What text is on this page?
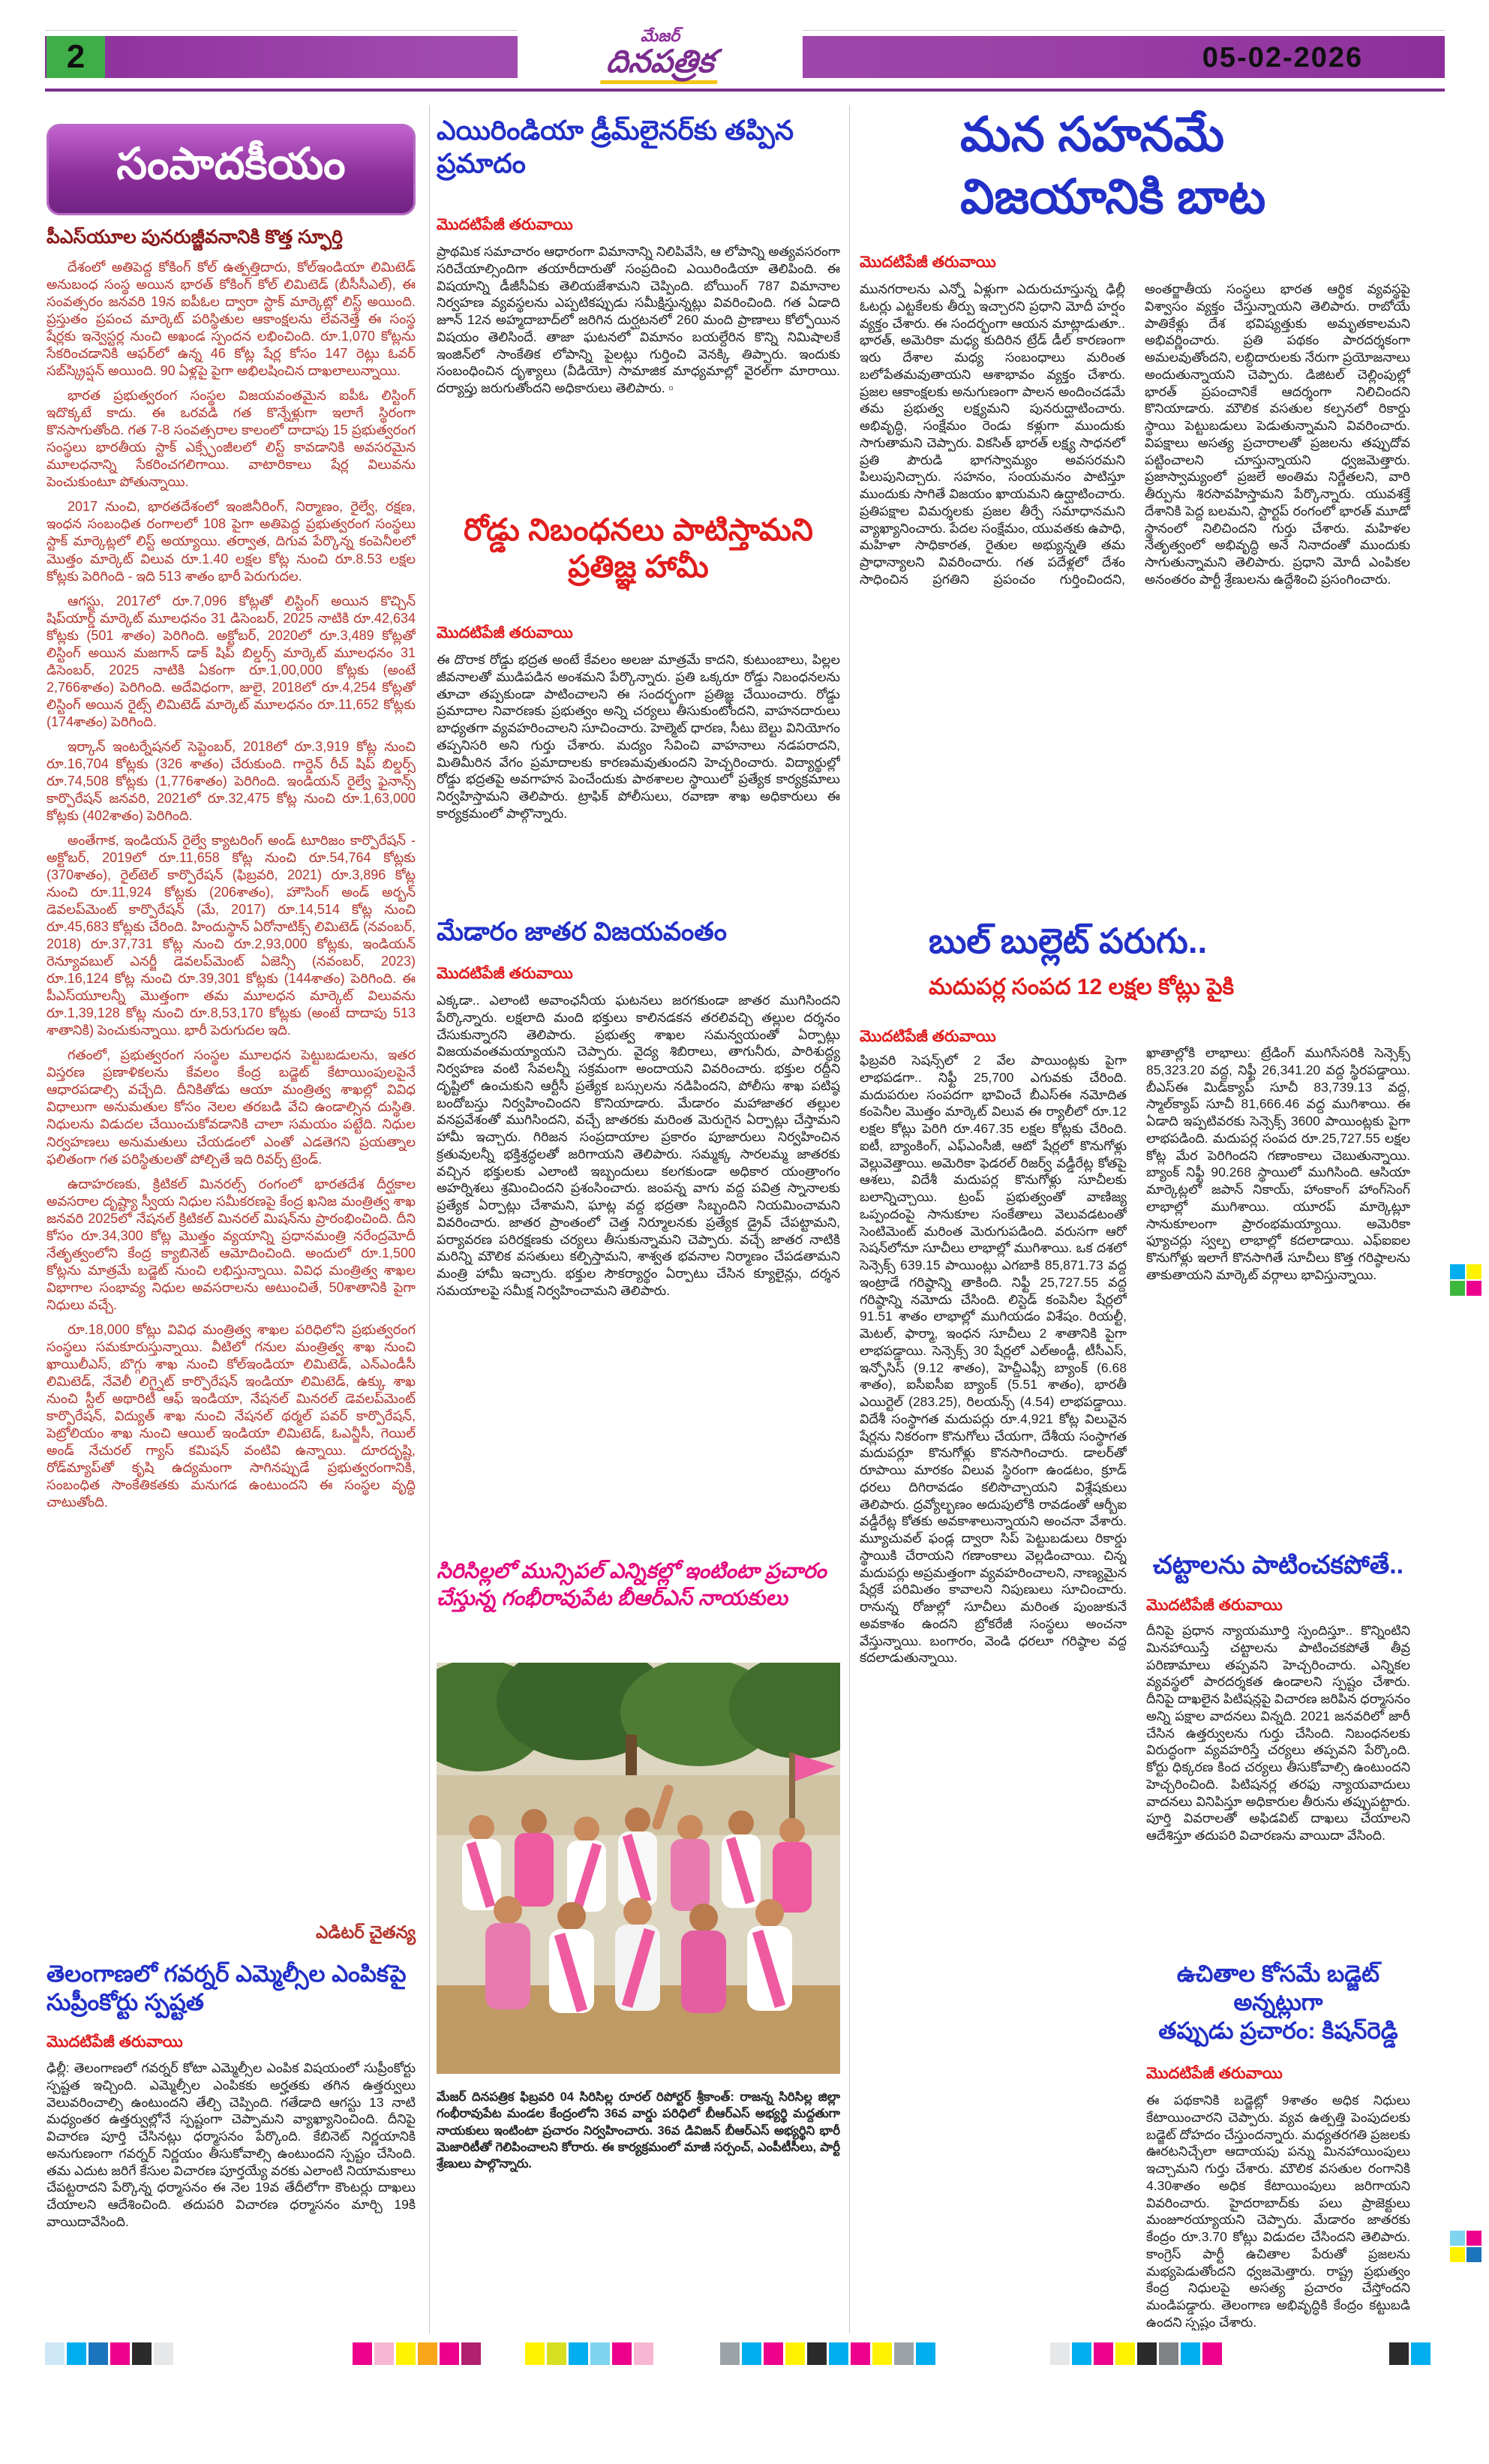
2
మేజర్
దినపత్రిక	05-02-2026
సంపాదకీయం
పీఎస్‌యూల పునరుజ్జీవనానికి కొత్త స్ఫూర్తి

దేశంలో అతిపెద్ద కోకింగ్ కోల్ ఉత్పత్తిదారు, కోల్ఇండియా లిమిటెడ్ అనుబంధ సంస్థ అయిన భారత్ కోకింగ్ కోల్ లిమిటెడ్ (బీసీసీఎల్), ఈ సంవత్సరం జనవరి 19న ఐపీఓల ద్వారా స్టాక్ మార్కెట్లో లిస్ట్ అయింది. ప్రస్తుతం ప్రపంచ మార్కెట్ పరిస్థితుల ఆకాంక్షలను లేవనెత్తే ఈ సంస్థ షేర్లకు ఇన్వెస్టర్ల నుంచి అఖండ స్పందన లభించింది. రూ.1,070 కోట్లను సేకరించడానికి ఆఫర్‌లో ఉన్న 46 కోట్ల షేర్ల కోసం 147 రెట్లు ఓవర్ సబ్‌స్క్రిప్షన్ అయింది. 90 ఏళ్లపై పైగా అభిలషించిన దాఖలాలున్నాయి.

భారత ప్రభుత్వరంగ సంస్థల విజయవంతమైన ఐపీఓ లిస్టింగ్ ఇదొక్కటే కాదు. ఈ ఒరవడి గత కొన్నేళ్లుగా ఇలాగే స్థిరంగా కొనసాగుతోంది. గత 7-8 సంవత్సరాల కాలంలో దాదాపు 15 ప్రభుత్వరంగ సంస్థలు భారతీయ స్టాక్ ఎక్స్ఛేంజీలలో లిస్ట్ కావడానికి అవసరమైన మూలధనాన్ని సేకరించగలిగాయి. వాటారికాలు షేర్ల విలువను పెంచుకుంటూ పోతున్నాయి.

2017 నుంచి, భారతదేశంలో ఇంజినీరింగ్, నిర్మాణం, రైల్వే, రక్షణ, ఇంధన సంబంధిత రంగాలలో 108 పైగా అతిపెద్ద ప్రభుత్వరంగ సంస్థలు స్టాక్ మార్కెట్లలో లిస్ట్ అయ్యాయి. తర్వాత, దిగువ పేర్కొన్న కంపెనీలలో మొత్తం మార్కెట్ విలువ రూ.1.40 లక్షల కోట్ల నుంచి రూ.8.53 లక్షల కోట్లకు పెరిగింది - ఇది 513 శాతం భారీ పెరుగుదల.

ఆగస్టు, 2017లో రూ.7,096 కోట్లతో లిస్టింగ్ అయిన కొచ్చిన్ షిప్‌యార్డ్ మార్కెట్ మూలధనం 31 డిసెంబర్, 2025 నాటికి రూ.42,634 కోట్లకు (501 శాతం) పెరిగింది. అక్టోబర్, 2020లో రూ.3,489 కోట్లతో లిస్టింగ్ అయిన మజగాన్ డాక్ షిప్ బిల్డర్స్ మార్కెట్ మూలధనం 31 డిసెంబర్, 2025 నాటికి ఏకంగా రూ.1,00,000 కోట్లకు (అంటే 2,766శాతం) పెరిగింది. అదేవిధంగా, జులై, 2018లో రూ.4,254 కోట్లతో లిస్టింగ్ అయిన రైట్స్ లిమిటెడ్ మార్కెట్ మూలధనం రూ.11,652 కోట్లకు (174శాతం) పెరిగింది.

ఇర్కాన్ ఇంటర్నేషనల్ సెప్టెంబర్, 2018లో రూ.3,919 కోట్ల నుంచి రూ.16,704 కోట్లకు (326 శాతం) చేరుకుంది. గార్డెన్ రీచ్ షిప్ బిల్డర్స్ రూ.74,508 కోట్లకు (1,776శాతం) పెరిగింది. ఇండియన్ రైల్వే ఫైనాన్స్ కార్పొరేషన్ జనవరి, 2021లో రూ.32,475 కోట్ల నుంచి రూ.1,63,000 కోట్లకు (402శాతం) పెరిగింది.

అంతేగాక, ఇండియన్ రైల్వే క్యాటరింగ్ అండ్ టూరిజం కార్పొరేషన్ - అక్టోబర్, 2019లో రూ.11,658 కోట్ల నుంచి రూ.54,764 కోట్లకు (370శాతం), రైల్‌టెల్ కార్పొరేషన్ (ఫిబ్రవరి, 2021) రూ.3,896 కోట్ల నుంచి రూ.11,924 కోట్లకు (206శాతం), హౌసింగ్ అండ్ అర్బన్ డెవలప్‌మెంట్ కార్పొరేషన్ (మే, 2017) రూ.14,514 కోట్ల నుంచి రూ.45,683 కోట్లకు చేరింది. హిందుస్థాన్ ఏరోనాటిక్స్ లిమిటెడ్ (నవంబర్, 2018) రూ.37,731 కోట్ల నుంచి రూ.2,93,000 కోట్లకు, ఇండియన్ రెన్యూవబుల్ ఎనర్జీ డెవలప్‌మెంట్ ఏజెన్సీ (నవంబర్, 2023) రూ.16,124 కోట్ల నుంచి రూ.39,301 కోట్లకు (144శాతం) పెరిగింది. ఈ పీఎస్‌యూలన్నీ మొత్తంగా తమ మూలధన మార్కెట్ విలువను రూ.1,39,128 కోట్ల నుంచి రూ.8,53,170 కోట్లకు (అంటే దాదాపు 513 శాతానికి) పెంచుకున్నాయి. భారీ పెరుగుదల ఇది.

గతంలో, ప్రభుత్వరంగ సంస్థల మూలధన పెట్టుబడులను, ఇతర విస్తరణ ప్రణాళికలను కేవలం కేంద్ర బడ్జెట్ కేటాయింపులపైనే ఆధారపడాల్సి వచ్చేది. దీనికితోడు ఆయా మంత్రిత్వ శాఖల్లో వివిధ విధాలుగా అనుమతుల కోసం నెలల తరబడి వేచి ఉండాల్సిన దుస్థితి. నిధులను విడుదల చేయించుకోవడానికి చాలా సమయం పట్టేది. నిధుల నిర్వహణలు అనుమతులు చేయడంలో ఎంతో ఎడతెగని ప్రయత్నాల ఫలితంగా గత పరిస్థితులతో పోల్చితే ఇది రివర్స్ ట్రెండ్.

ఉదాహరణకు, క్రిటికల్ మినరల్స్ రంగంలో భారతదేశ దీర్ఘకాల అవసరాల దృష్ట్యా స్వీయ నిధుల సమీకరణపై కేంద్ర ఖనిజ మంత్రిత్వ శాఖ జనవరి 2025లో నేషనల్ క్రిటికల్ మినరల్ మిషన్‌ను ప్రారంభించింది. దీని కోసం రూ.34,300 కోట్ల మొత్తం వ్యయాన్ని ప్రధానమంత్రి నరేంద్రమోదీ నేతృత్వంలోని కేంద్ర క్యాబినెట్ ఆమోదించింది. అందులో రూ.1,500 కోట్లను మాత్రమే బడ్జెట్ నుంచి లభిస్తున్నాయి. వివిధ మంత్రిత్వ శాఖల విభాగాల సంభావ్య నిధుల అవసరాలను అటుంచితే, 50శాతానికి పైగా నిధులు వచ్చే.

రూ.18,000 కోట్లు వివిధ మంత్రిత్వ శాఖల పరిధిలోని ప్రభుత్వరంగ సంస్థలు సమకూరుస్తున్నాయి. వీటిలో గనుల మంత్రిత్వ శాఖ నుంచి ఖాయిలీఎస్, బొగ్గు శాఖ నుంచి కోల్ఇండియా లిమిటెడ్, ఎన్ఎండీసీ లిమిటెడ్, నేవెలీ లిగ్నైట్ కార్పొరేషన్ ఇండియా లిమిటెడ్, ఉక్కు శాఖ నుంచి స్టీల్ అథారిటీ ఆఫ్ ఇండియా, నేషనల్ మినరల్ డెవలప్‌మెంట్ కార్పొరేషన్, విద్యుత్ శాఖ నుంచి నేషనల్ థర్మల్ పవర్ కార్పొరేషన్, పెట్రోలియం శాఖ నుంచి ఆయిల్ ఇండియా లిమిటెడ్, ఓఎన్జీసీ, గెయిల్ అండ్ నేచురల్ గ్యాస్ కమిషన్ వంటివి ఉన్నాయి. దూరదృష్టి, రోడ్‌మ్యాప్‌తో కృషి ఉద్యమంగా సాగినప్పుడే ప్రభుత్వరంగానికి, సంబంధిత సాంకేతికతకు మనుగడ ఉంటుందని ఈ సంస్థల వృద్ధి చాటుతోంది.

ఎడిటర్ చైతన్య
తెలంగాణలో గవర్నర్ ఎమ్మెల్సీల ఎంపికపై సుప్రీంకోర్టు స్పష్టత
మొదటిపేజీ తరువాయి
ఢిల్లీ: తెలంగాణలో గవర్నర్ కోటా ఎమ్మెల్సీల ఎంపిక విషయంలో సుప్రీంకోర్టు స్పష్టత ఇచ్చింది. ఎమ్మెల్సీల ఎంపికకు అర్హతకు తగిన ఉత్తర్వులు వెలువరించాల్సి ఉంటుందని తేల్చి చెప్పింది. గతేడాది ఆగస్టు 13 నాటి మధ్యంతర ఉత్తర్వుల్లోనే స్పష్టంగా చెప్పామని వ్యాఖ్యానించింది. దీనిపై విచారణ పూర్తి చేసినట్లు ధర్మాసనం పేర్కొంది. కేబినెట్ నిర్ణయానికి అనుగుణంగా గవర్నర్ నిర్ణయం తీసుకోవాల్సి ఉంటుందని స్పష్టం చేసింది. తమ ఎదుట జరిగే కేసుల విచారణ పూర్తయ్యే వరకు ఎలాంటి నియామకాలు చేపట్టరాదని పేర్కొన్న ధర్మాసనం ఈ నెల 19వ తేదీలోగా కౌంటర్లు దాఖలు చేయాలని ఆదేశించింది. తదుపరి విచారణ ధర్మాసనం మార్చి 19కి వాయిదావేసింది.
ఎయిరిండియా డ్రీమ్‌లైనర్‌కు తప్పిన ప్రమాదం
మొదటిపేజీ తరువాయి
ప్రాథమిక సమాచారం ఆధారంగా విమానాన్ని నిలిపివేసి, ఆ లోపాన్ని అత్యవసరంగా సరిచేయాల్సిందిగా తయారీదారుతో సంప్రదించి ఎయిరిండియా తెలిపింది. ఈ విషయాన్ని డీజీసీఏకు తెలియజేశామని చెప్పింది. బోయింగ్ 787 విమానాల నిర్వహణ వ్యవస్థలను ఎప్పటికప్పుడు సమీక్షిస్తున్నట్లు వివరించింది. గత ఏడాది జూన్ 12న అహ్మదాబాద్‌లో జరిగిన దుర్ఘటనలో 260 మంది ప్రాణాలు కోల్పోయిన విషయం తెలిసిందే. తాజా ఘటనలో విమానం బయల్దేరిన కొన్ని నిమిషాలకే ఇంజిన్‌లో సాంకేతిక లోపాన్ని పైలట్లు గుర్తించి వెనక్కి తిప్పారు. ఇందుకు సంబంధించిన దృశ్యాలు (వీడియో) సామాజిక మాధ్యమాల్లో వైరల్‌గా మారాయి. దర్యాప్తు జరుగుతోందని అధికారులు తెలిపారు. ▫
రోడ్డు నిబంధనలు పాటిస్తామని ప్రతిజ్ఞ హామీ
మొదటిపేజీ తరువాయి
ఈ దొరాక రోడ్డు భద్రత అంటే కేవలం అలజు మాత్రమే కాదని, కుటుంబాలు, పిల్లల జీవనాలతో ముడిపడిన అంశమని పేర్కొన్నారు. ప్రతి ఒక్కరూ రోడ్డు నిబంధనలను తూచా తప్పకుండా పాటించాలని ఈ సందర్భంగా ప్రతిజ్ఞ చేయించారు. రోడ్డు ప్రమాదాల నివారణకు ప్రభుత్వం అన్ని చర్యలు తీసుకుంటోందని, వాహనదారులు బాధ్యతగా వ్యవహరించాలని సూచించారు. హెల్మెట్ ధారణ, సీటు బెల్టు వినియోగం తప్పనిసరి అని గుర్తు చేశారు. మద్యం సేవించి వాహనాలు నడపరాదని, మితిమీరిన వేగం ప్రమాదాలకు కారణమవుతుందని హెచ్చరించారు. విద్యార్థుల్లో రోడ్డు భద్రతపై అవగాహన పెంచేందుకు పాఠశాలల స్థాయిలో ప్రత్యేక కార్యక్రమాలు నిర్వహిస్తామని తెలిపారు. ట్రాఫిక్ పోలీసులు, రవాణా శాఖ అధికారులు ఈ కార్యక్రమంలో పాల్గొన్నారు.
మేడారం జాతర విజయవంతం
మొదటిపేజీ తరువాయి
ఎక్కడా.. ఎలాంటి అవాంఛనీయ ఘటనలు జరగకుండా జాతర ముగిసిందని పేర్కొన్నారు. లక్షలాది మంది భక్తులు కాలినడకన తరలివచ్చి తల్లుల దర్శనం చేసుకున్నారని తెలిపారు. ప్రభుత్వ శాఖల సమన్వయంతో ఏర్పాట్లు విజయవంతమయ్యాయని చెప్పారు. వైద్య శిబిరాలు, తాగునీరు, పారిశుద్ధ్య నిర్వహణ వంటి సేవలన్నీ సక్రమంగా అందాయని వివరించారు. భక్తుల రద్దీని దృష్టిలో ఉంచుకుని ఆర్టీసీ ప్రత్యేక బస్సులను నడిపిందని, పోలీసు శాఖ పటిష్ఠ బందోబస్తు నిర్వహించిందని కొనియాడారు. మేడారం మహాజాతర తల్లుల వనప్రవేశంతో ముగిసిందని, వచ్చే జాతరకు మరింత మెరుగైన ఏర్పాట్లు చేస్తామని హామీ ఇచ్చారు. గిరిజన సంప్రదాయాల ప్రకారం పూజారులు నిర్వహించిన క్రతువులన్నీ భక్తిశ్రద్ధలతో జరిగాయని తెలిపారు. సమ్మక్క సారలమ్మ జాతరకు వచ్చిన భక్తులకు ఎలాంటి ఇబ్బందులు కలగకుండా అధికార యంత్రాంగం అహర్నిశలు శ్రమించిందని ప్రశంసించారు. జంపన్న వాగు వద్ద పవిత్ర స్నానాలకు ప్రత్యేక ఏర్పాట్లు చేశామని, ఘాట్ల వద్ద భద్రతా సిబ్బందిని నియమించామని వివరించారు. జాతర ప్రాంతంలో చెత్త నిర్మూలనకు ప్రత్యేక డ్రైవ్ చేపట్టామని, పర్యావరణ పరిరక్షణకు చర్యలు తీసుకున్నామని చెప్పారు. వచ్చే జాతర నాటికి మరిన్ని మౌలిక వసతులు కల్పిస్తామని, శాశ్వత భవనాల నిర్మాణం చేపడతామని మంత్రి హామీ ఇచ్చారు. భక్తుల సౌకర్యార్థం ఏర్పాటు చేసిన క్యూలైన్లు, దర్శన సమయాలపై సమీక్ష నిర్వహించామని తెలిపారు.
సిరిసిల్లలో మున్సిపల్ ఎన్నికల్లో ఇంటింటా ప్రచారం చేస్తున్న గంభీరావుపేట బీఆర్ఎస్ నాయకులు
మేజర్ దినపత్రిక ఫిబ్రవరి 04 సిరిసిల్ల రూరల్ రిపోర్టర్ శ్రీకాంత్: రాజన్న సిరిసిల్ల జిల్లా గంభీరావుపేట మండల కేంద్రంలోని 36వ వార్డు పరిధిలో బీఆర్ఎస్ అభ్యర్థి మద్దతుగా నాయకులు ఇంటింటా ప్రచారం నిర్వహించారు. 36వ డివిజన్ బీఆర్ఎస్ అభ్యర్థిని భారీ మెజారిటీతో గెలిపించాలని కోరారు. ఈ కార్యక్రమంలో మాజీ సర్పంచ్, ఎంపీటీసీలు, పార్టీ శ్రేణులు పాల్గొన్నారు.
మన సహనమే
విజయానికి బాట
మొదటిపేజీ తరువాయి
మునగరాలను ఎన్నో ఏళ్లుగా ఎదురుచూస్తున్న ఢిల్లీ ఓటర్లు ఎట్టకేలకు తీర్పు ఇచ్చారని ప్రధాని మోదీ హర్షం వ్యక్తం చేశారు. ఈ సందర్భంగా ఆయన మాట్లాడుతూ.. భారత్, అమెరికా మధ్య కుదిరిన ట్రేడ్ డీల్ కారణంగా ఇరు దేశాల మధ్య సంబంధాలు మరింత బలోపేతమవుతాయని ఆశాభావం వ్యక్తం చేశారు. ప్రజల ఆకాంక్షలకు అనుగుణంగా పాలన అందించడమే తమ ప్రభుత్వ లక్ష్యమని పునరుద్ఘాటించారు. అభివృద్ధి, సంక్షేమం రెండు కళ్లుగా ముందుకు సాగుతామని చెప్పారు. వికసిత్ భారత్ లక్ష్య సాధనలో ప్రతి పౌరుడి భాగస్వామ్యం అవసరమని పిలుపునిచ్చారు. సహనం, సంయమనం పాటిస్తూ ముందుకు సాగితే విజయం ఖాయమని ఉద్ఘాటించారు. ప్రతిపక్షాల విమర్శలకు ప్రజల తీర్పే సమాధానమని వ్యాఖ్యానించారు. పేదల సంక్షేమం, యువతకు ఉపాధి, మహిళా సాధికారత, రైతుల అభ్యున్నతి తమ ప్రాధాన్యాలని వివరించారు. గత పదేళ్లలో దేశం సాధించిన ప్రగతిని ప్రపంచం గుర్తించిందని, అంతర్జాతీయ సంస్థలు భారత ఆర్థిక వ్యవస్థపై విశ్వాసం వ్యక్తం చేస్తున్నాయని తెలిపారు. రాబోయే పాతికేళ్లు దేశ భవిష్యత్తుకు అమృతకాలమని అభివర్ణించారు. ప్రతి పథకం పారదర్శకంగా అమలవుతోందని, లబ్ధిదారులకు నేరుగా ప్రయోజనాలు అందుతున్నాయని చెప్పారు. డిజిటల్ చెల్లింపుల్లో భారత్ ప్రపంచానికే ఆదర్శంగా నిలిచిందని కొనియాడారు. మౌలిక వసతుల కల్పనలో రికార్డు స్థాయి పెట్టుబడులు పెడుతున్నామని వివరించారు. విపక్షాలు అసత్య ప్రచారాలతో ప్రజలను తప్పుదోవ పట్టించాలని చూస్తున్నాయని ధ్వజమెత్తారు. ప్రజాస్వామ్యంలో ప్రజలే అంతిమ నిర్ణేతలని, వారి తీర్పును శిరసావహిస్తామని పేర్కొన్నారు. యువశక్తే దేశానికి పెద్ద బలమని, స్టార్టప్ రంగంలో భారత్ మూడో స్థానంలో నిలిచిందని గుర్తు చేశారు. మహిళల నేతృత్వంలో అభివృద్ధి అనే నినాదంతో ముందుకు సాగుతున్నామని తెలిపారు. ప్రధాని మోదీ ఎంపికల అనంతరం పార్టీ శ్రేణులను ఉద్దేశించి ప్రసంగించారు.
బుల్ బుల్లెట్ పరుగు..
మదుపర్ల సంపద 12 లక్షల కోట్లు పైకి
మొదటిపేజీ తరువాయి
ఫిబ్రవరి సెషన్స్‌లో 2 వేల పాయింట్లకు పైగా లాభపడగా.. నిఫ్టీ 25,700 ఎగువకు చేరింది. మదుపరుల సంపదగా భావించే బీఎస్ఈ నమోదిత కంపెనీల మొత్తం మార్కెట్ విలువ ఈ ర్యాలీలో రూ.12 లక్షల కోట్లు పెరిగి రూ.467.35 లక్షల కోట్లకు చేరింది. ఐటీ, బ్యాంకింగ్, ఎఫ్ఎంసీజీ, ఆటో షేర్లలో కొనుగోళ్లు వెల్లువెత్తాయి. అమెరికా ఫెడరల్ రిజర్వ్ వడ్డీరేట్ల కోతపై ఆశలు, విదేశీ మదుపర్ల కొనుగోళ్లు సూచీలకు బలాన్నిచ్చాయి. ట్రంప్ ప్రభుత్వంతో వాణిజ్య ఒప్పందంపై సానుకూల సంకేతాలు వెలువడటంతో సెంటిమెంట్ మరింత మెరుగుపడింది. వరుసగా ఆరో సెషన్‌లోనూ సూచీలు లాభాల్లో ముగిశాయి. ఒక దశలో సెన్సెక్స్ 639.15 పాయింట్లు ఎగబాకి 85,871.73 వద్ద ఇంట్రాడే గరిష్ఠాన్ని తాకింది. నిఫ్టీ 25,727.55 వద్ద గరిష్ఠాన్ని నమోదు చేసింది. లిస్టెడ్ కంపెనీల షేర్లలో 91.51 శాతం లాభాల్లో ముగియడం విశేషం. రియల్టీ, మెటల్, ఫార్మా, ఇంధన సూచీలు 2 శాతానికి పైగా లాభపడ్డాయి. సెన్సెక్స్ 30 షేర్లలో ఎల్అండ్టీ, టీసీఎస్, ఇన్ఫోసిస్ (9.12 శాతం), హెచ్డీఎఫ్సీ బ్యాంక్ (6.68 శాతం), ఐసీఐసీఐ బ్యాంక్ (5.51 శాతం), భారతీ ఎయిర్టెల్ (283.25), రిలయన్స్ (4.54) లాభపడ్డాయి. విదేశీ సంస్థాగత మదుపర్లు రూ.4,921 కోట్ల విలువైన షేర్లను నికరంగా కొనుగోలు చేయగా, దేశీయ సంస్థాగత మదుపర్లూ కొనుగోళ్లు కొనసాగించారు. డాలర్‌తో రూపాయి మారకం విలువ స్థిరంగా ఉండటం, క్రూడ్ ధరలు దిగిరావడం కలిసొచ్చాయని విశ్లేషకులు తెలిపారు. ద్రవ్యోల్బణం అదుపులోకి రావడంతో ఆర్బీఐ వడ్డీరేట్ల కోతకు అవకాశాలున్నాయని అంచనా వేశారు. మ్యూచువల్ ఫండ్ల ద్వారా సిప్ పెట్టుబడులు రికార్డు స్థాయికి చేరాయని గణాంకాలు వెల్లడించాయి. చిన్న మదుపర్లు అప్రమత్తంగా వ్యవహరించాలని, నాణ్యమైన షేర్లకే పరిమితం కావాలని నిపుణులు సూచించారు. రానున్న రోజుల్లో సూచీలు మరింత పుంజుకునే అవకాశం ఉందని బ్రోకరేజీ సంస్థలు అంచనా వేస్తున్నాయి. బంగారం, వెండి ధరలూ గరిష్ఠాల వద్ద కదలాడుతున్నాయి.
ఖాతాల్లోకి లాభాలు: ట్రేడింగ్ ముగిసేసరికి సెన్సెక్స్ 85,323.20 వద్ద, నిఫ్టీ 26,341.20 వద్ద స్థిరపడ్డాయి. బీఎస్ఈ మిడ్‌క్యాప్ సూచీ 83,739.13 వద్ద, స్మాల్‌క్యాప్ సూచీ 81,666.46 వద్ద ముగిశాయి. ఈ ఏడాది ఇప్పటివరకు సెన్సెక్స్ 3600 పాయింట్లకు పైగా లాభపడింది. మదుపర్ల సంపద రూ.25,727.55 లక్షల కోట్ల మేర పెరిగిందని గణాంకాలు చెబుతున్నాయి. బ్యాంక్ నిఫ్టీ 90.268 స్థాయిలో ముగిసింది. ఆసియా మార్కెట్లలో జపాన్ నికాయ్, హాంకాంగ్ హాంగ్‌సెంగ్ లాభాల్లో ముగిశాయి. యూరప్ మార్కెట్లూ సానుకూలంగా ప్రారంభమయ్యాయి. అమెరికా ఫ్యూచర్లు స్వల్ప లాభాల్లో కదలాడాయి. ఎఫ్ఐఐల కొనుగోళ్లు ఇలాగే కొనసాగితే సూచీలు కొత్త గరిష్ఠాలను తాకుతాయని మార్కెట్ వర్గాలు భావిస్తున్నాయి.
చట్టాలను పాటించకపోతే..
మొదటిపేజీ తరువాయి
దీనిపై ప్రధాన న్యాయమూర్తి స్పందిస్తూ.. కొన్నింటిని మినహాయిస్తే చట్టాలను పాటించకపోతే తీవ్ర పరిణామాలు తప్పవని హెచ్చరించారు. ఎన్నికల వ్యవస్థలో పారదర్శకత ఉండాలని స్పష్టం చేశారు. దీనిపై దాఖలైన పిటిషన్లపై విచారణ జరిపిన ధర్మాసనం అన్ని పక్షాల వాదనలు విన్నది. 2021 జనవరిలో జారీ చేసిన ఉత్తర్వులను గుర్తు చేసింది. నిబంధనలకు విరుద్ధంగా వ్యవహరిస్తే చర్యలు తప్పవని పేర్కొంది. కోర్టు ధిక్కరణ కింద చర్యలు తీసుకోవాల్సి ఉంటుందని హెచ్చరించింది. పిటిషనర్ల తరఫు న్యాయవాదులు వాదనలు వినిపిస్తూ అధికారుల తీరును తప్పుపట్టారు. పూర్తి వివరాలతో అఫిడవిట్ దాఖలు చేయాలని ఆదేశిస్తూ తదుపరి విచారణను వాయిదా వేసింది.
ఉచితాల కోసమే బడ్జెట్ అన్నట్లుగా
తప్పుడు ప్రచారం: కిషన్‌రెడ్డి
మొదటిపేజీ తరువాయి
ఈ పథకానికి బడ్జెట్లో 9శాతం అధిక నిధులు కేటాయించారని చెప్పారు. వ్యవ ఉత్పత్తి పెంపుదలకు బడ్జెట్ దోహదం చేస్తుందన్నారు. మధ్యతరగతి ప్రజలకు ఊరటనిచ్చేలా ఆదాయపు పన్ను మినహాయింపులు ఇచ్చామని గుర్తు చేశారు. మౌలిక వసతుల రంగానికి 4.30శాతం అధిక కేటాయింపులు జరిగాయని వివరించారు. హైదరాబాద్‌కు పలు ప్రాజెక్టులు మంజూరయ్యాయని చెప్పారు. మేడారం జాతరకు కేంద్రం రూ.3.70 కోట్లు విడుదల చేసిందని తెలిపారు. కాంగ్రెస్ పార్టీ ఉచితాల పేరుతో ప్రజలను మభ్యపెడుతోందని ధ్వజమెత్తారు. రాష్ట్ర ప్రభుత్వం కేంద్ర నిధులపై అసత్య ప్రచారం చేస్తోందని మండిపడ్డారు. తెలంగాణ అభివృద్ధికి కేంద్రం కట్టుబడి ఉందని స్పష్టం చేశారు.
